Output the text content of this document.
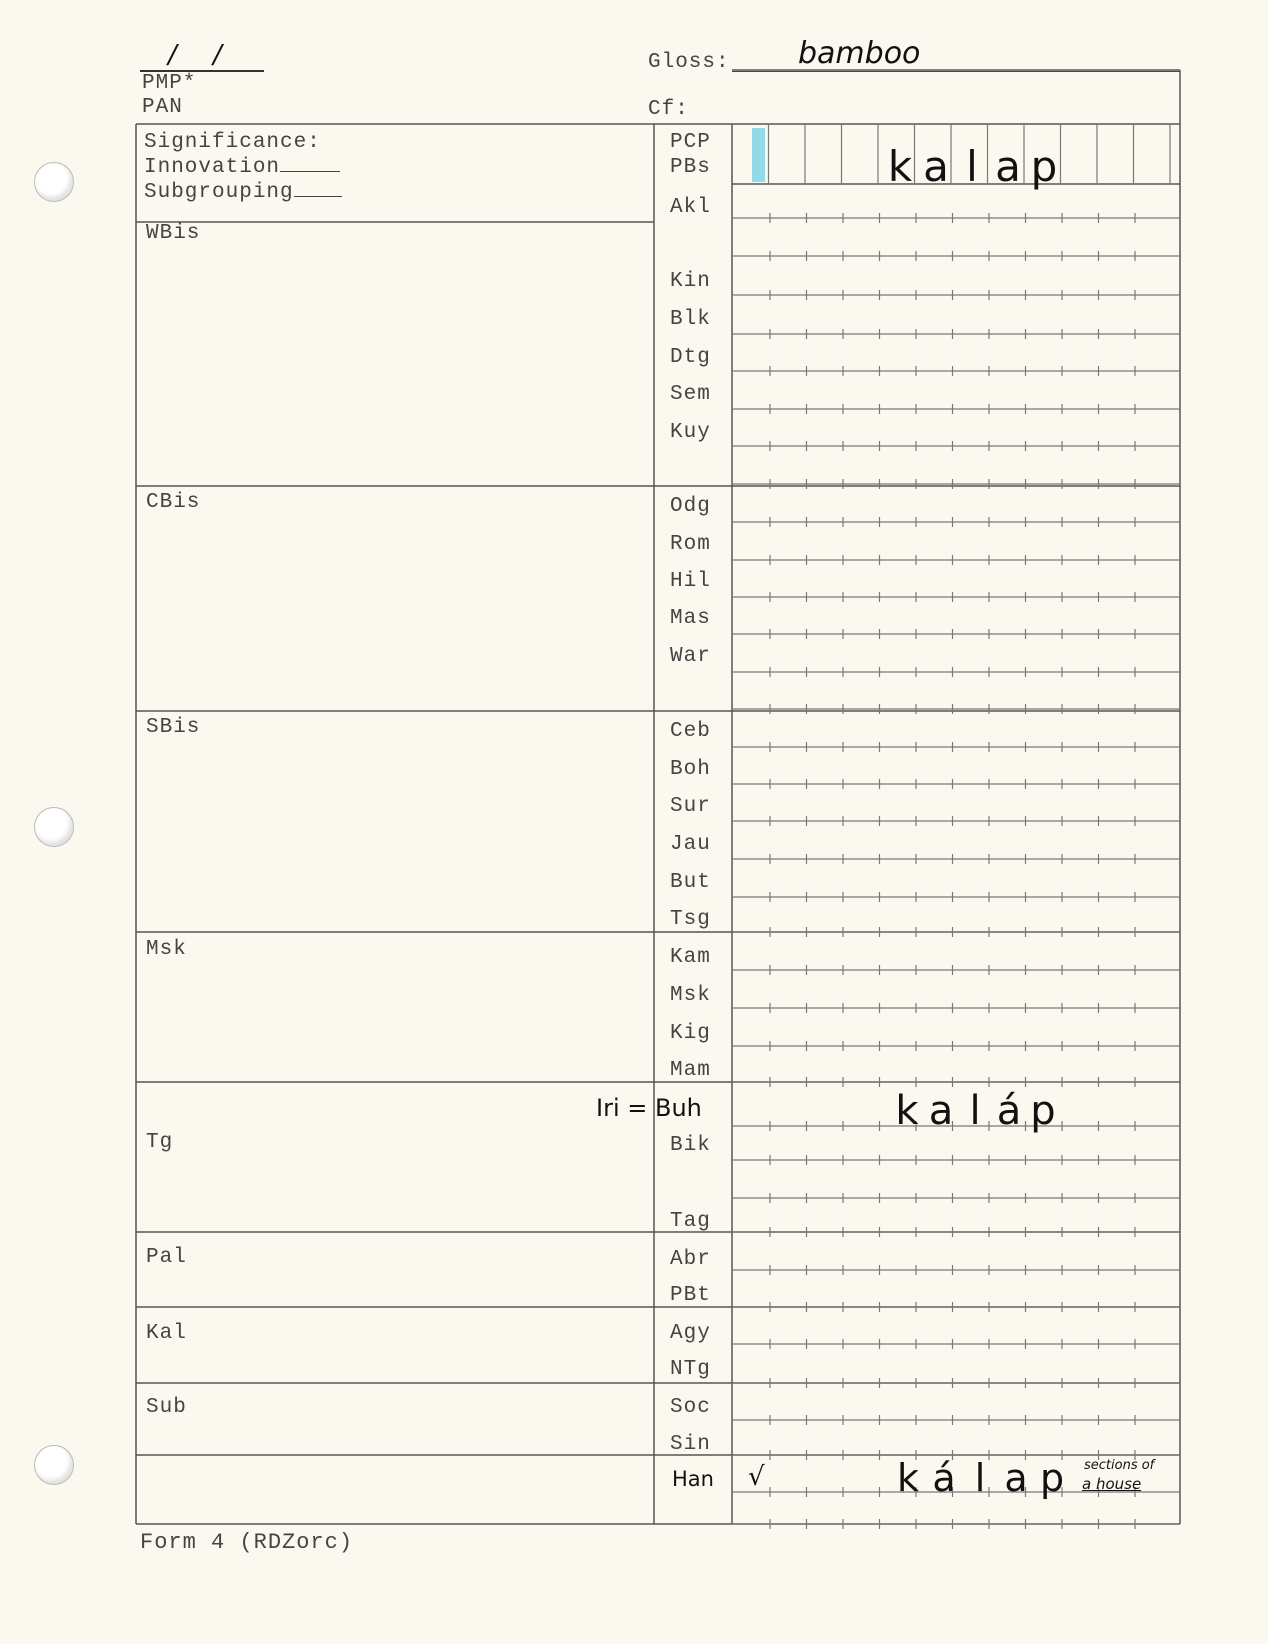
/ /
PMP*
PAN
Gloss: bamboo
Cf:
Significance:
Innovation
Subgrouping
WBis
CBis
SBis
Msk
Tg
Pal
Kal
Sub
PCP
PBs
Akl
Kin
Blk
Dtg
Sem
Kuy
Odg
Rom
Hil
Mas
War
Ceb
Boh
Sur
Jau
But
Tsg
Kam
Msk
Kig
Mam
Iri = Buh
Bik
Tag
Abr
PBt
Agy
NTg
Soc
Sin
Han
k a l a p
k a l á p
√	k á l a p	sections of
a house
Form 4 (RDZorc)
